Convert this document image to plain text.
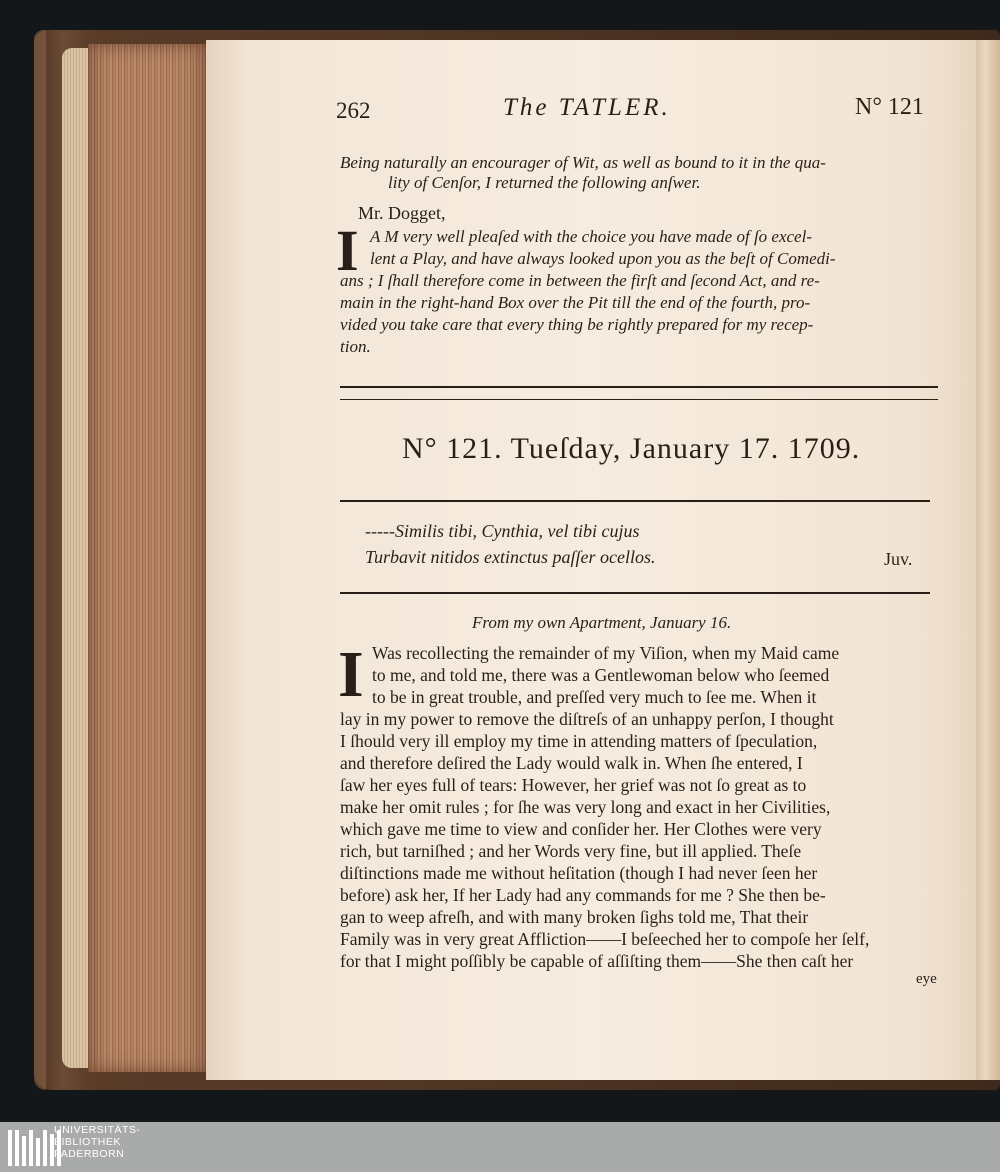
262	The TATLER.	N° 121
Being naturally an encourager of Wit, as well as bound to it in the qua-
lity of Cenſor, I returned the following anſwer.
Mr. Dogget,
I A M very well pleaſed with the choice you have made of ſo excel-
lent a Play, and have always looked upon you as the beſt of Comedi-
ans ; I ſhall therefore come in between the firſt and ſecond Act, and re-
main in the right-hand Box over the Pit till the end of the fourth, pro-
vided you take care that every thing be rightly prepared for my recep-
tion.
N° 121. Tueſday, January 17. 1709.
-----Similis tibi, Cynthia, vel tibi cujus
Turbavit nitidos extinctus paſſer ocellos.	Juv.
From my own Apartment, January 16.
I Was recollecting the remainder of my Viſion, when my Maid came
to me, and told me, there was a Gentlewoman below who ſeemed
to be in great trouble, and preſſed very much to ſee me. When it
lay in my power to remove the diſtreſs of an unhappy perſon, I thought
I ſhould very ill employ my time in attending matters of ſpeculation,
and therefore deſired the Lady would walk in. When ſhe entered, I
ſaw her eyes full of tears: However, her grief was not ſo great as to
make her omit rules ; for ſhe was very long and exact in her Civilities,
which gave me time to view and conſider her. Her Clothes were very
rich, but tarniſhed ; and her Words very fine, but ill applied. Theſe
diſtinctions made me without heſitation (though I had never ſeen her
before) ask her, If her Lady had any commands for me ? She then be-
gan to weep afreſh, and with many broken ſighs told me, That their
Family was in very great Affliction——I beſeeched her to compoſe her ſelf,
for that I might poſſibly be capable of aſſiſting them——She then caſt her
eye
UNIVERSITÄTS-
BIBLIOTHEK
PADERBORN
